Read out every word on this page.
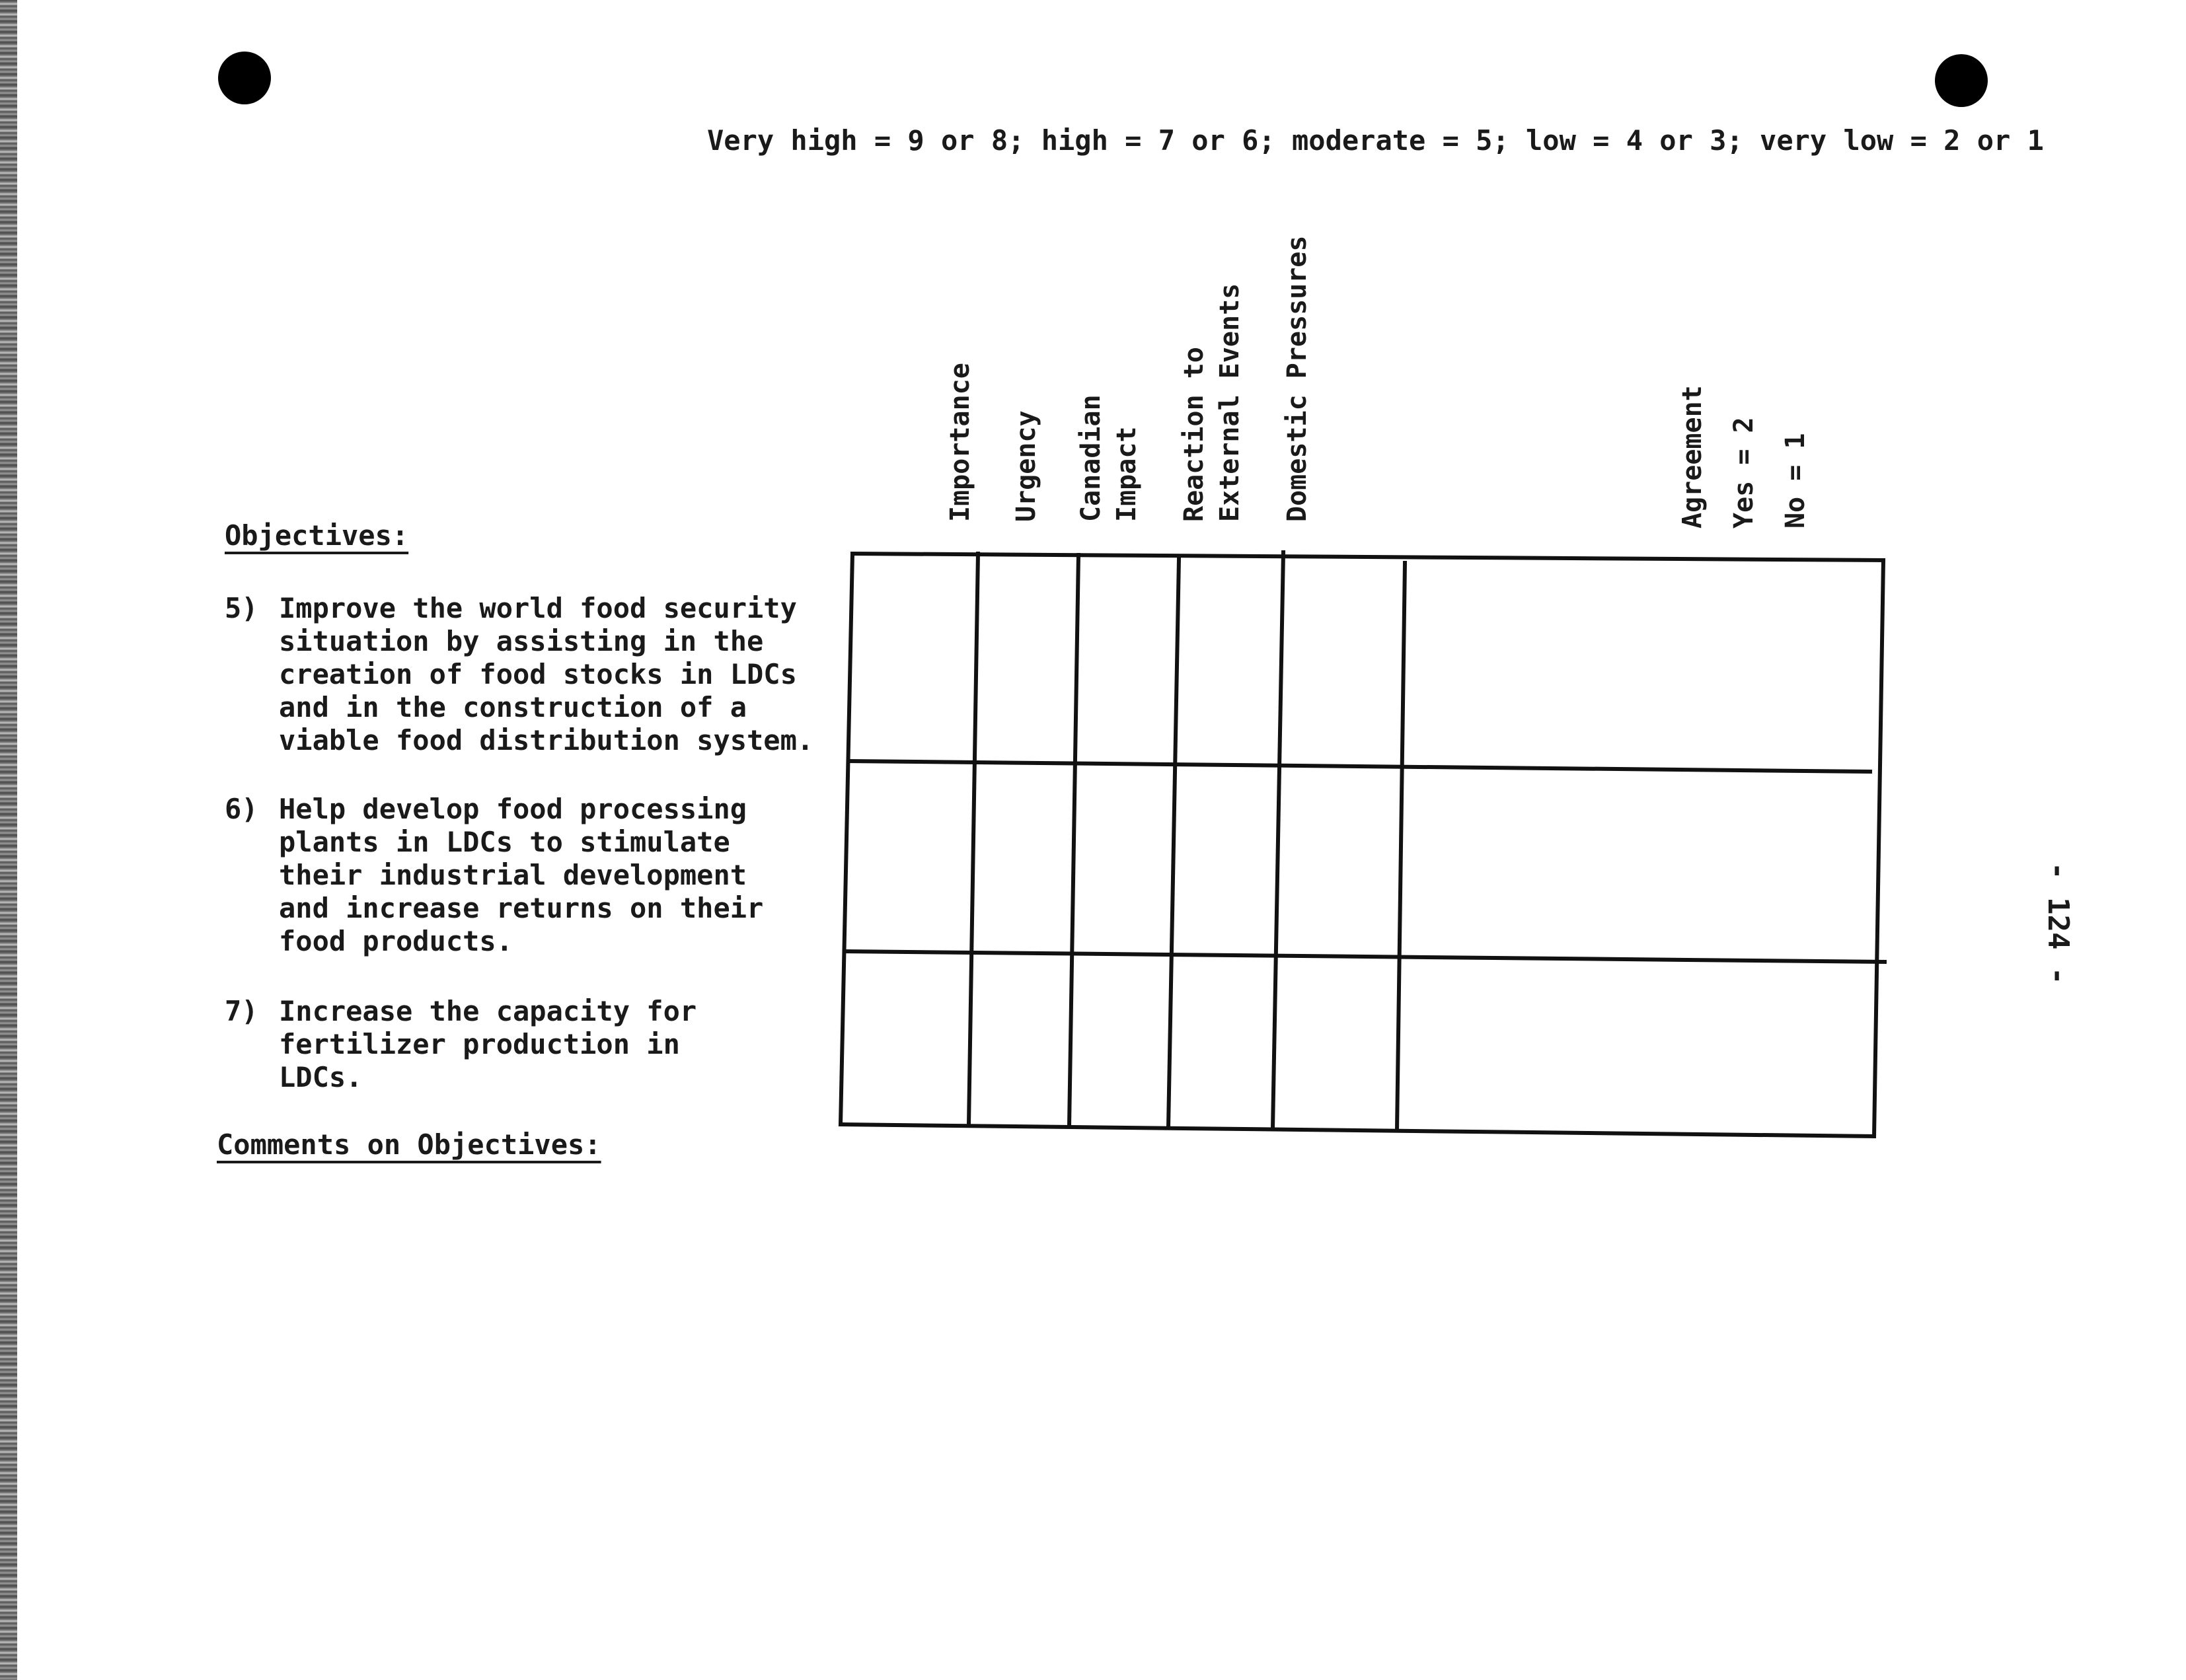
Very high = 9 or 8; high = 7 or 6; moderate = 5; low = 4 or 3; very low = 2 or 1
Importance Urgency Canadian Impact Reaction to External Events Domestic Pressures	Agreement Yes = 2 No = 1
Objectives:
5) Improve the world food security
situation by assisting in the
creation of food stocks in LDCs
and in the construction of a
viable food distribution system.
6) Help develop food processing
plants in LDCs to stimulate
their industrial development
and increase returns on their
food products.
7) Increase the capacity for
fertilizer production in
LDCs.
Comments on Objectives:
- 124 -
